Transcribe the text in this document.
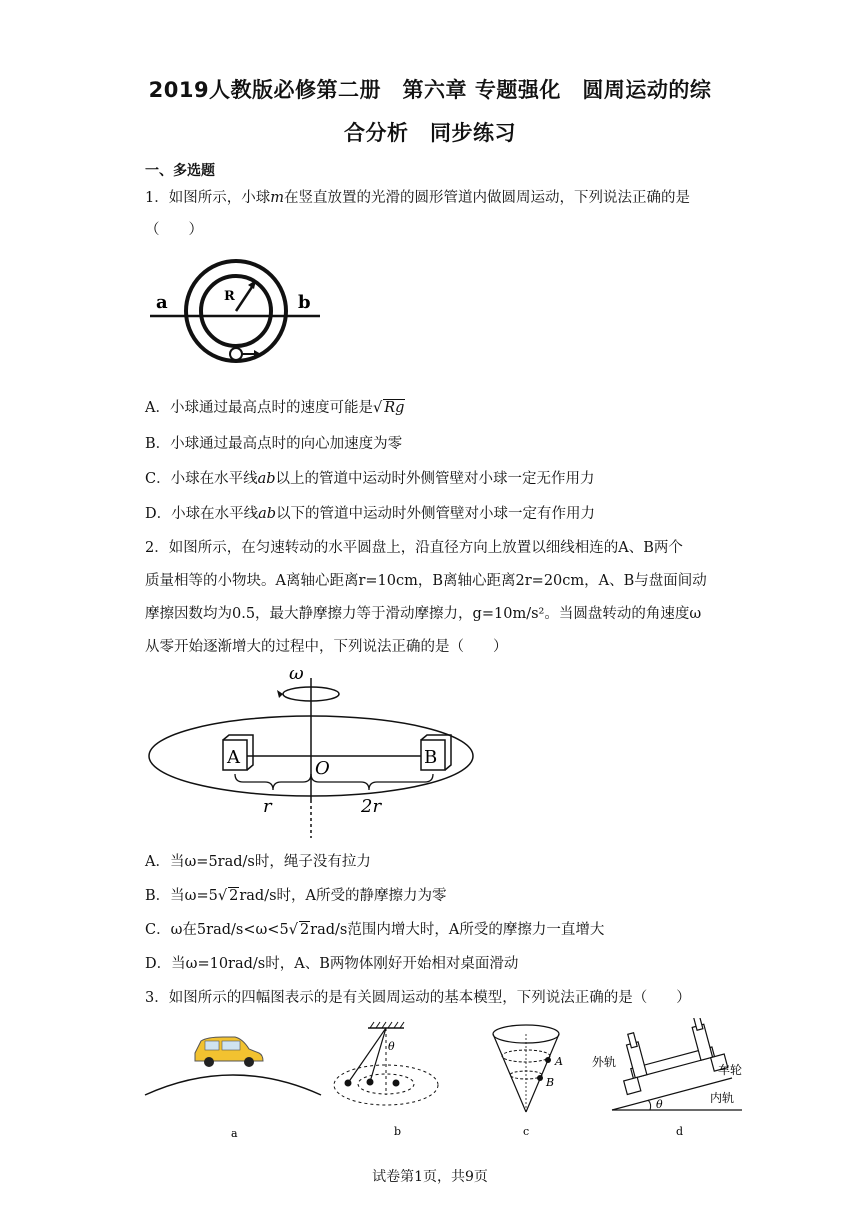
2019人教版必修第二册　第六章 专题强化　圆周运动的综
合分析　同步练习
一、多选题
1．如图所示，小球m在竖直放置的光滑的圆形管道内做圆周运动，下列说法正确的是
（　　）
R
a	b
A．小球通过最高点时的速度可能是√ Rg
B．小球通过最高点时的向心加速度为零
C．小球在水平线ab以上的管道中运动时外侧管壁对小球一定无作用力
D．小球在水平线ab以下的管道中运动时外侧管壁对小球一定有作用力
2．如图所示，在匀速转动的水平圆盘上，沿直径方向上放置以细线相连的A、B两个
质量相等的小物块。A离轴心距离r=10cm，B离轴心距离2r=20cm，A、B与盘面间动
摩擦因数均为0.5，最大静摩擦力等于滑动摩擦力，g=10m/s²。当圆盘转动的角速度ω
从零开始逐渐增大的过程中，下列说法正确的是（　　）
ω
A	B
O
r	2r
A．当ω=5rad/s时，绳子没有拉力
B．当ω=5√ 2rad/s时，A所受的静摩擦力为零
C．ω在5rad/s<ω<5√ 2rad/s范围内增大时，A所受的摩擦力一直增大
D．当ω=10rad/s时，A、B两物体刚好开始相对桌面滑动
3．如图所示的四幅图表示的是有关圆周运动的基本模型，下列说法正确的是（　　）
a
θ
b
A
B
c
外轨
车轮
内轨
θ
d
试卷第1页，共9页
